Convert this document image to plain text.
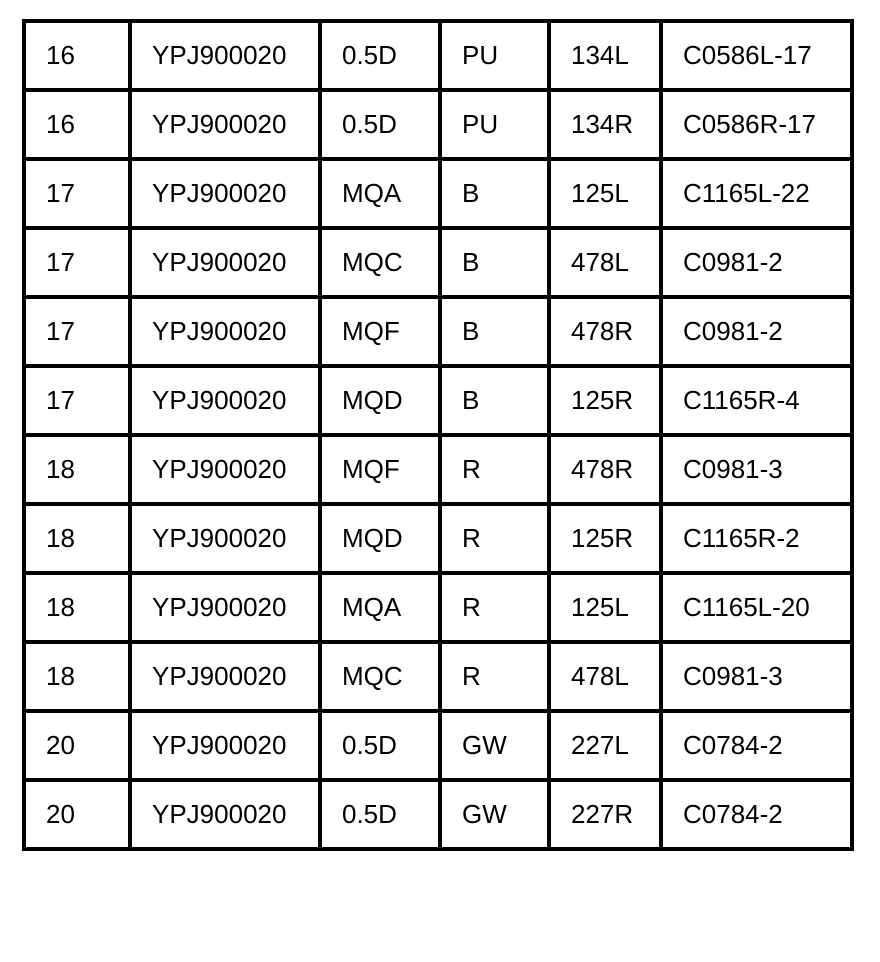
16	YPJ900020	0.5D	PU	134L	C0586L-17
16	YPJ900020	0.5D	PU	134R	C0586R-17
17	YPJ900020	MQA	B	125L	C1165L-22
17	YPJ900020	MQC	B	478L	C0981-2
17	YPJ900020	MQF	B	478R	C0981-2
17	YPJ900020	MQD	B	125R	C1165R-4
18	YPJ900020	MQF	R	478R	C0981-3
18	YPJ900020	MQD	R	125R	C1165R-2
18	YPJ900020	MQA	R	125L	C1165L-20
18	YPJ900020	MQC	R	478L	C0981-3
20	YPJ900020	0.5D	GW	227L	C0784-2
20	YPJ900020	0.5D	GW	227R	C0784-2
